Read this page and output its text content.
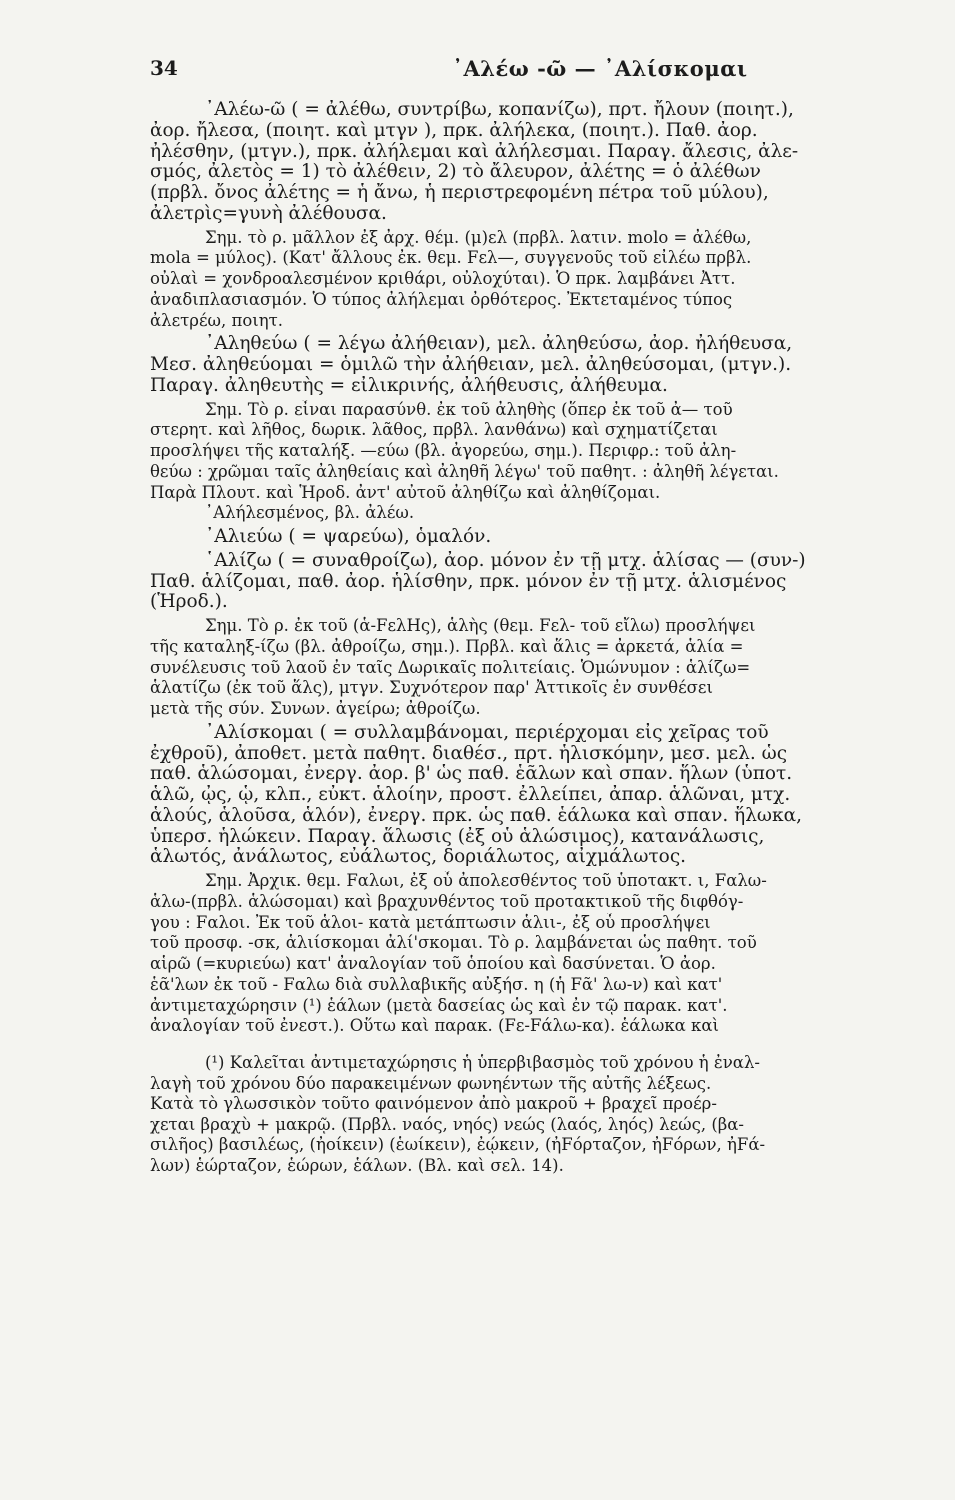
34	᾿Αλέω -ῶ — ᾿Αλίσκομαι
᾿Αλέω-ῶ ( = ἀλέθω, συντρίβω, κοπανίζω), πρτ. ἤλουν (ποιητ.),
ἀορ. ἤλεσα, (ποιητ. καὶ μτγν ), πρκ. ἀλήλεκα, (ποιητ.). Παθ. ἀορ.
ἠλέσθην, (μτγν.), πρκ. ἀλήλεμαι καὶ ἀλήλεσμαι. Παραγ. ἄλεσις, ἀλε-
σμός, ἀλετὸς = 1) τὸ ἀλέθειν, 2) τὸ ἄλευρον, ἀλέτης = ὁ ἀλέθων
(πρβλ. ὄνος ἀλέτης = ἡ ἄνω, ἡ περιστρεφομένη πέτρα τοῦ μύλου),
ἀλετρὶς=γυνὴ ἀλέθουσα.
Σημ. τὸ ρ. μᾶλλον ἐξ ἀρχ. θέμ. (μ)ελ (πρβλ. λατιν. molo = ἀλέθω,
mola = μύλος). (Κατ' ἄλλους ἐκ. θεμ. Fελ—, συγγενοῦς τοῦ εἰλέω πρβλ.
οὐλαὶ = χονδροαλεσμένον κριθάρι, οὐλοχύται). Ὁ πρκ. λαμβάνει Ἀττ.
ἀναδιπλασιασμόν. Ὁ τύπος ἀλήλεμαι ὀρθότερος. Ἐκτεταμένος τύπος
ἀλετρέω, ποιητ.
᾿Αληθεύω ( = λέγω ἀλήθειαν), μελ. ἀληθεύσω, ἀορ. ἠλήθευσα,
Μεσ. ἀληθεύομαι = ὁμιλῶ τὴν ἀλήθειαν, μελ. ἀληθεύσομαι, (μτγν.).
Παραγ. ἀληθευτὴς = εἰλικρινής, ἀλήθευσις, ἀλήθευμα.
Σημ. Τὸ ρ. εἶναι παρασύνθ. ἐκ τοῦ ἀληθὴς (ὅπερ ἐκ τοῦ ἀ— τοῦ
στερητ. καὶ λῆθος, δωρικ. λᾶθος, πρβλ. λανθάνω) καὶ σχηματίζεται
προσλήψει τῆς καταλήξ. —εύω (βλ. ἀγορεύω, σημ.). Περιφρ.: τοῦ ἀλη-
θεύω : χρῶμαι ταῖς ἀληθείαις καὶ ἀληθῆ λέγω' τοῦ παθητ. : ἀληθῆ λέγεται.
Παρὰ Πλουτ. καὶ Ἡροδ. ἀντ' αὐτοῦ ἀληθίζω καὶ ἀληθίζομαι.
᾿Αλήλεσμένος, βλ. ἀλέω.
᾿Αλιεύω ( = ψαρεύω), ὁμαλόν.
῾Αλίζω ( = συναθροίζω), ἀορ. μόνον ἐν τῇ μτχ. ἁλίσας — (συν-)
Παθ. ἁλίζομαι, παθ. ἀορ. ἡλίσθην, πρκ. μόνον ἐν τῇ μτχ. ἁλισμένος
(Ἡροδ.).
Σημ. Τὸ ρ. ἐκ τοῦ (ἁ-FελHς), ἁλὴς (θεμ. Fελ- τοῦ εἴλω) προσλήψει
τῆς καταληξ-ίζω (βλ. ἀθροίζω, σημ.). Πρβλ. καὶ ἅλις = ἀρκετά, ἁλία =
συνέλευσις τοῦ λαοῦ ἐν ταῖς Δωρικαῖς πολιτείαις. Ὁμώνυμον : ἁλίζω=
ἁλατίζω (ἐκ τοῦ ἅλς), μτγν. Συχνότερον παρ' Ἀττικοῖς ἐν συνθέσει
μετὰ τῆς σύν. Συνων. ἀγείρω; ἀθροίζω.
᾿Αλίσκομαι ( = συλλαμβάνομαι, περιέρχομαι εἰς χεῖρας τοῦ
ἐχθροῦ), ἀποθετ. μετὰ παθητ. διαθέσ., πρτ. ἡλισκόμην, μεσ. μελ. ὡς
παθ. ἁλώσομαι, ἐνεργ. ἀορ. β' ὡς παθ. ἑᾶλων καὶ σπαν. ἥλων (ὑποτ.
ἁλῶ, ᾦς, ᾧ, κλπ., εὐκτ. ἁλοίην, προστ. ἐλλείπει, ἀπαρ. ἁλῶναι, μτχ.
ἁλούς, ἁλοῦσα, ἁλόν), ἐνεργ. πρκ. ὡς παθ. ἑάλωκα καὶ σπαν. ἥλωκα,
ὑπερσ. ἡλώκειν. Παραγ. ἅλωσις (ἐξ οὗ ἁλώσιμος), κατανάλωσις,
ἁλωτός, ἀνάλωτος, εὐάλωτος, δοριάλωτος, αἰχμάλωτος.
Σημ. Ἀρχικ. θεμ. Fαλωι, ἐξ οὗ ἀπολεσθέντος τοῦ ὑποτακτ. ι, Fαλω-
ἁλω-(πρβλ. ἁλώσομαι) καὶ βραχυνθέντος τοῦ προτακτικοῦ τῆς διφθόγ-
γου : Fαλοι. Ἐκ τοῦ ἁλοι- κατὰ μετάπτωσιν ἁλιι-, ἐξ οὗ προσλήψει
τοῦ προσφ. -σκ, ἁλιίσκομαι ἀλί'σκομαι. Τὸ ρ. λαμβάνεται ὡς παθητ. τοῦ
αἱρῶ (=κυριεύω) κατ' ἀναλογίαν τοῦ ὁποίου καὶ δασύνεται. Ὁ ἀορ.
ἑᾶ'λων ἐκ τοῦ - Fαλω διὰ συλλαβικῆς αὐξήσ. η (ἡ Fᾶ' λω-ν) καὶ κατ'
ἀντιμεταχώρησιν (¹) ἑάλων (μετὰ δασείας ὡς καὶ ἐν τῷ παρακ. κατ'.
ἀναλογίαν τοῦ ἐνεστ.). Οὕτω καὶ παρακ. (Fε-Fάλω-κα). ἑάλωκα καὶ
(¹) Καλεῖται ἀντιμεταχώρησις ἡ ὑπερβιβασμὸς τοῦ χρόνου ἡ ἐναλ-
λαγὴ τοῦ χρόνου δύο παρακειμένων φωνηέντων τῆς αὐτῆς λέξεως.
Κατὰ τὸ γλωσσικὸν τοῦτο φαινόμενον ἀπὸ μακροῦ + βραχεῖ προέρ-
χεται βραχὺ + μακρῷ. (Πρβλ. ναός, νηός) νεώς (λαός, ληός) λεώς, (βα-
σιλῆος) βασιλέως, (ἠοίκειν) (ἑωίκειν), ἐῴκειν, (ἠFόρταζον, ἠFόρων, ἠFά-
λων) ἑώρταζον, ἑώρων, ἑάλων. (Βλ. καὶ σελ. 14).
